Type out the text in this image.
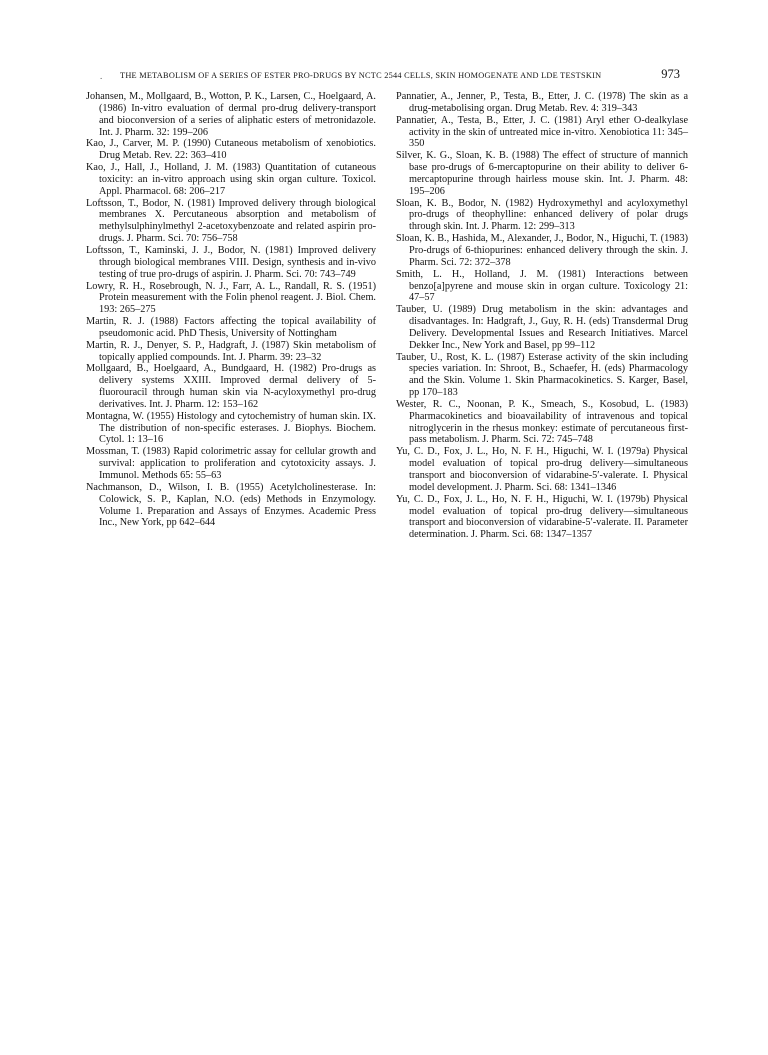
. THE METABOLISM OF A SERIES OF ESTER PRO-DRUGS BY NCTC 2544 CELLS, SKIN HOMOGENATE AND LDE TESTSKIN	973

Johansen, M., Mollgaard, B., Wotton, P. K., Larsen, C., Hoelgaard, A. (1986) In-vitro evaluation of dermal pro-drug delivery-transport and bioconversion of a series of aliphatic esters of metronidazole. Int. J. Pharm. 32: 199–206

Kao, J., Carver, M. P. (1990) Cutaneous metabolism of xenobiotics. Drug Metab. Rev. 22: 363–410

Kao, J., Hall, J., Holland, J. M. (1983) Quantitation of cutaneous toxicity: an in-vitro approach using skin organ culture. Toxicol. Appl. Pharmacol. 68: 206–217

Loftsson, T., Bodor, N. (1981) Improved delivery through biological membranes X. Percutaneous absorption and metabolism of methylsulphinylmethyl 2-acetoxybenzoate and related aspirin pro-drugs. J. Pharm. Sci. 70: 756–758

Loftsson, T., Kaminski, J. J., Bodor, N. (1981) Improved delivery through biological membranes VIII. Design, synthesis and in-vivo testing of true pro-drugs of aspirin. J. Pharm. Sci. 70: 743–749

Lowry, R. H., Rosebrough, N. J., Farr, A. L., Randall, R. S. (1951) Protein measurement with the Folin phenol reagent. J. Biol. Chem. 193: 265–275

Martin, R. J. (1988) Factors affecting the topical availability of pseudomonic acid. PhD Thesis, University of Nottingham

Martin, R. J., Denyer, S. P., Hadgraft, J. (1987) Skin metabolism of topically applied compounds. Int. J. Pharm. 39: 23–32

Mollgaard, B., Hoelgaard, A., Bundgaard, H. (1982) Pro-drugs as delivery systems XXIII. Improved dermal delivery of 5-fluorouracil through human skin via N-acyloxymethyl pro-drug derivatives. Int. J. Pharm. 12: 153–162

Montagna, W. (1955) Histology and cytochemistry of human skin. IX. The distribution of non-specific esterases. J. Biophys. Biochem. Cytol. 1: 13–16

Mossman, T. (1983) Rapid colorimetric assay for cellular growth and survival: application to proliferation and cytotoxicity assays. J. Immunol. Methods 65: 55–63

Nachmanson, D., Wilson, I. B. (1955) Acetylcholinesterase. In: Colowick, S. P., Kaplan, N.O. (eds) Methods in Enzymology. Volume 1. Preparation and Assays of Enzymes. Academic Press Inc., New York, pp 642–644

Pannatier, A., Jenner, P., Testa, B., Etter, J. C. (1978) The skin as a drug-metabolising organ. Drug Metab. Rev. 4: 319–343

Pannatier, A., Testa, B., Etter, J. C. (1981) Aryl ether O-dealkylase activity in the skin of untreated mice in-vitro. Xenobiotica 11: 345–350

Silver, K. G., Sloan, K. B. (1988) The effect of structure of mannich base pro-drugs of 6-mercaptopurine on their ability to deliver 6-mercaptopurine through hairless mouse skin. Int. J. Pharm. 48: 195–206

Sloan, K. B., Bodor, N. (1982) Hydroxymethyl and acyloxymethyl pro-drugs of theophylline: enhanced delivery of polar drugs through skin. Int. J. Pharm. 12: 299–313

Sloan, K. B., Hashida, M., Alexander, J., Bodor, N., Higuchi, T. (1983) Pro-drugs of 6-thiopurines: enhanced delivery through the skin. J. Pharm. Sci. 72: 372–378

Smith, L. H., Holland, J. M. (1981) Interactions between benzo[a]pyrene and mouse skin in organ culture. Toxicology 21: 47–57

Tauber, U. (1989) Drug metabolism in the skin: advantages and disadvantages. In: Hadgraft, J., Guy, R. H. (eds) Transdermal Drug Delivery. Developmental Issues and Research Initiatives. Marcel Dekker Inc., New York and Basel, pp 99–112

Tauber, U., Rost, K. L. (1987) Esterase activity of the skin including species variation. In: Shroot, B., Schaefer, H. (eds) Pharmacology and the Skin. Volume 1. Skin Pharmacokinetics. S. Karger, Basel, pp 170–183

Wester, R. C., Noonan, P. K., Smeach, S., Kosobud, L. (1983) Pharmacokinetics and bioavailability of intravenous and topical nitroglycerin in the rhesus monkey: estimate of percutaneous first-pass metabolism. J. Pharm. Sci. 72: 745–748

Yu, C. D., Fox, J. L., Ho, N. F. H., Higuchi, W. I. (1979a) Physical model evaluation of topical pro-drug delivery—simultaneous transport and bioconversion of vidarabine-5′-valerate. I. Physical model development. J. Pharm. Sci. 68: 1341–1346

Yu, C. D., Fox, J. L., Ho, N. F. H., Higuchi, W. I. (1979b) Physical model evaluation of topical pro-drug delivery—simultaneous transport and bioconversion of vidarabine-5′-valerate. II. Parameter determination. J. Pharm. Sci. 68: 1347–1357
